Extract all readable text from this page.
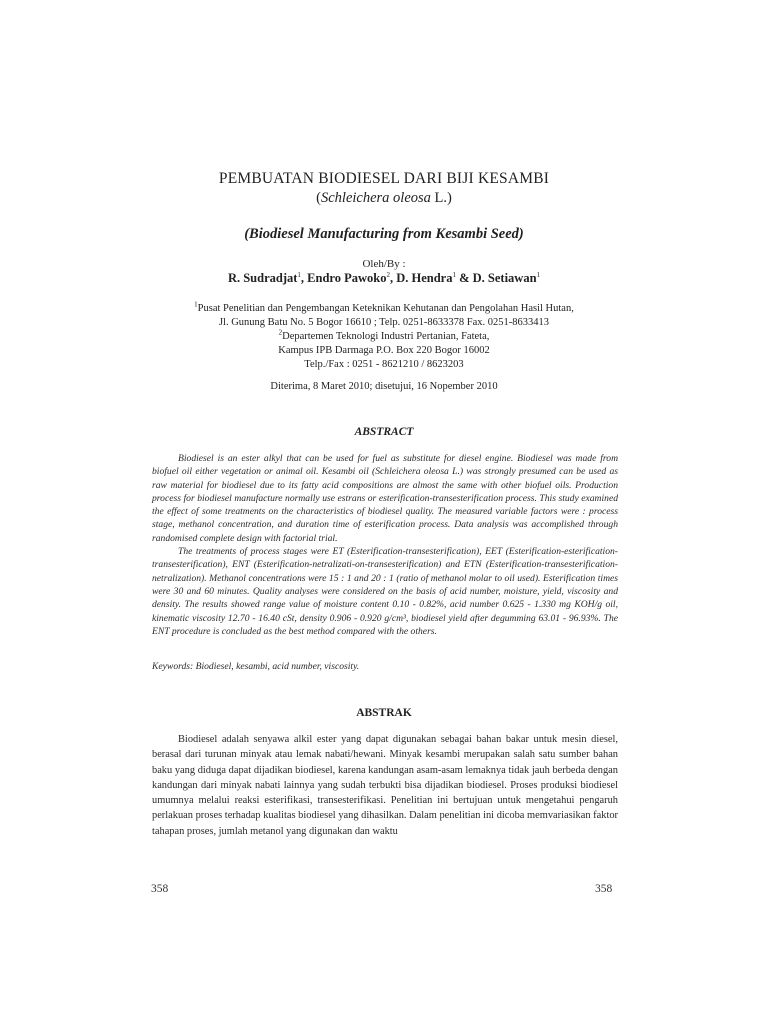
PEMBUATAN BIODIESEL DARI BIJI KESAMBI
(Schleichera oleosa L.)
(Biodiesel Manufacturing from Kesambi Seed)
Oleh/By :
R. Sudradjat$^1$, Endro Pawoko$^2$, D. Hendra$^1$ & D. Setiawan$^1$
$^1$Pusat Penelitian dan Pengembangan Keteknikan Kehutanan dan Pengolahan Hasil Hutan,
Jl. Gunung Batu No. 5 Bogor 16610 ; Telp. 0251-8633378 Fax. 0251-8633413
$^2$Departemen Teknologi Industri Pertanian, Fateta,
Kampus IPB Darmaga P.O. Box 220 Bogor 16002
Telp./Fax : 0251 - 8621210 / 8623203
Diterima, 8 Maret 2010; disetujui, 16 Nopember 2010
ABSTRACT

Biodiesel is an ester alkyl that can be used for fuel as substitute for diesel engine. Biodiesel was made from biofuel oil either vegetation or animal oil. Kesambi oil (Schleichera oleosa L.) was strongly presumed can be used as raw material for biodiesel due to its fatty acid compositions are almost the same with other biofuel oils. Production process for biodiesel manufacture normally use estrans or esterification-transesterification process. This study examined the effect of some treatments on the characteristics of biodiesel quality. The measured variable factors were : process stage, methanol concentration, and duration time of esterification process. Data analysis was accomplished through randomised complete design with factorial trial.

The treatments of process stages were ET (Esterification-transesterification), EET (Esterification-esterification-transesterification), ENT (Esterification-netralizati-on-transesterification) and ETN (Esterification-transesterification-netralization). Methanol concentrations were 15 : 1 and 20 : 1 (ratio of methanol molar to oil used). Esterification times were 30 and 60 minutes. Quality analyses were considered on the basis of acid number, moisture, yield, viscosity and density. The results showed range value of moisture content 0.10 - 0.82%, acid number 0.625 - 1.330 mg KOH/g oil, kinematic viscosity 12.70 - 16.40 cSt, density 0.906 - 0.920 g/cm³, biodiesel yield after degumming 63.01 - 96.93%. The ENT procedure is concluded as the best method compared with the others.

Keywords: Biodiesel, kesambi, acid number, viscosity.
ABSTRAK

Biodiesel adalah senyawa alkil ester yang dapat digunakan sebagai bahan bakar untuk mesin diesel, berasal dari turunan minyak atau lemak nabati/hewani. Minyak kesambi merupakan salah satu sumber bahan baku yang diduga dapat dijadikan biodiesel, karena kandungan asam-asam lemaknya tidak jauh berbeda dengan kandungan dari minyak nabati lainnya yang sudah terbukti bisa dijadikan biodiesel. Proses produksi biodiesel umumnya melalui reaksi esterifikasi, transesterifikasi. Penelitian ini bertujuan untuk mengetahui pengaruh perlakuan proses terhadap kualitas biodiesel yang dihasilkan. Dalam penelitian ini dicoba memvariasikan faktor tahapan proses, jumlah metanol yang digunakan dan waktu

358	358
